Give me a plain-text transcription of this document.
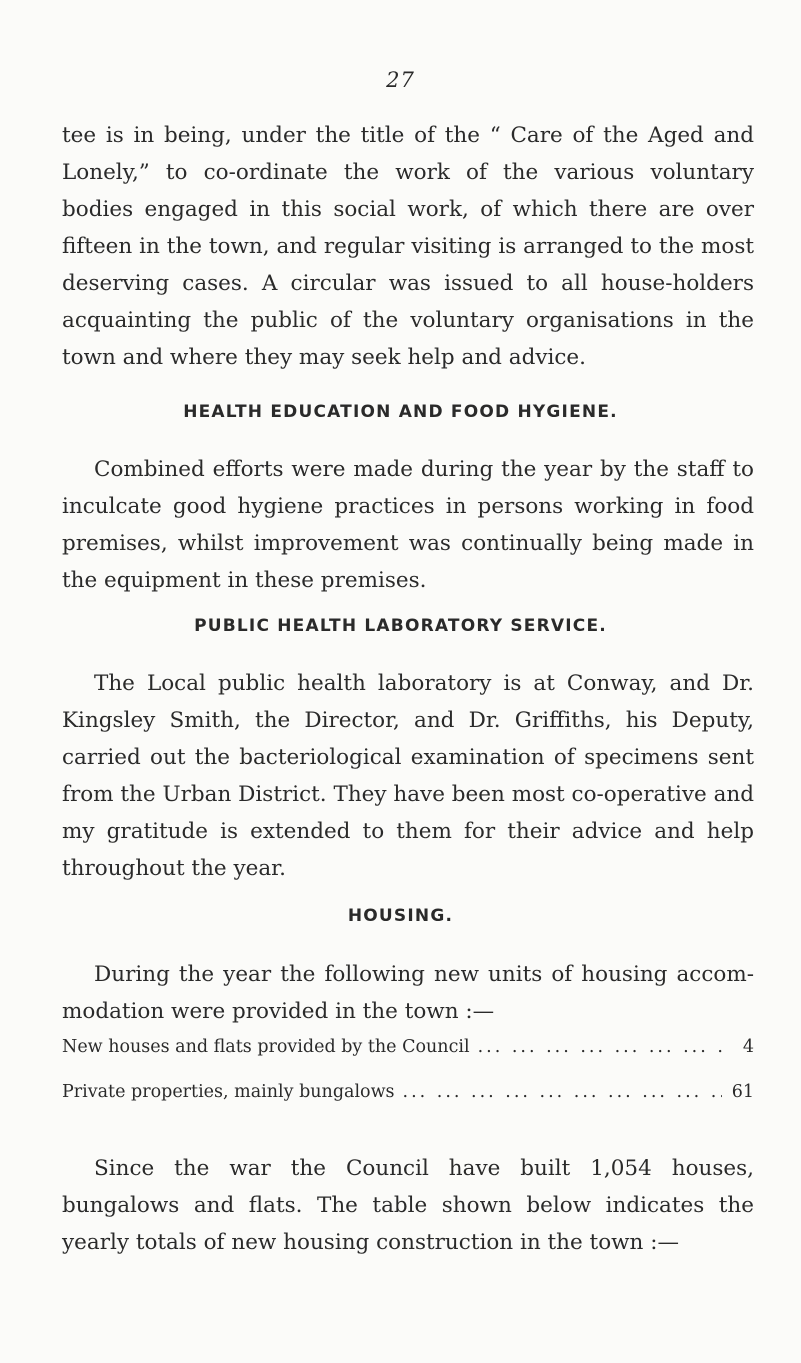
27

tee is in being, under the title of the “ Care of the Aged and Lonely,” to co-ordinate the work of the various voluntary bodies engaged in this social work, of which there are over fifteen in the town, and regular visiting is arranged to the most deserving cases. A circular was issued to all house-holders acquainting the public of the voluntary organisations in the town and where they may seek help and advice.

HEALTH EDUCATION AND FOOD HYGIENE.

Combined efforts were made during the year by the staff to inculcate good hygiene practices in persons working in food premises, whilst improvement was continually being made in the equipment in these premises.

PUBLIC HEALTH LABORATORY SERVICE.

The Local public health laboratory is at Conway, and Dr. Kingsley Smith, the Director, and Dr. Griffiths, his Deputy, carried out the bacteriological examination of specimens sent from the Urban District. They have been most co-operative and my gratitude is extended to them for their advice and help throughout the year.

HOUSING.

During the year the following new units of housing accom-modation were provided in the town :—

New houses and flats provided by the Council ... .	4
Private properties, mainly bungalows ... .	61

Since the war the Council have built 1,054 houses, bungalows and flats. The table shown below indicates the yearly totals of new housing construction in the town :—
